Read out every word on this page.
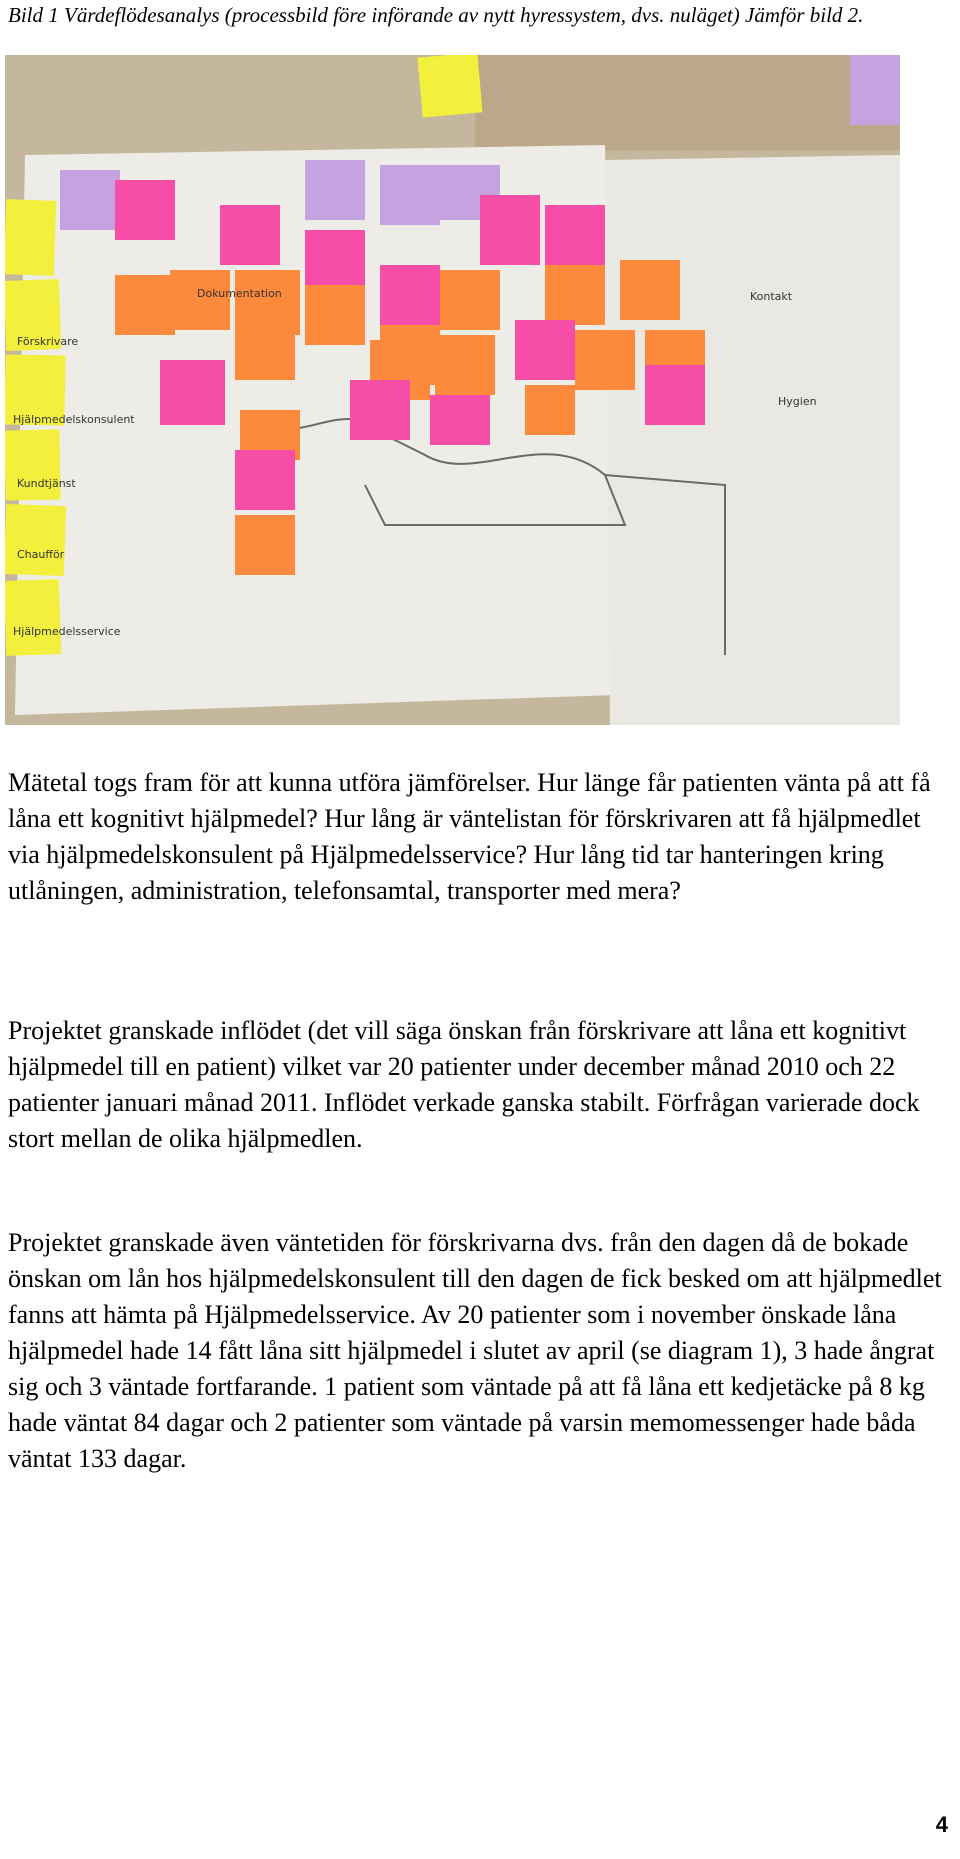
Bild 1 Värdeflödesanalys (processbild före införande av nytt hyressystem, dvs. nuläget) Jämför bild 2.
Förskrivare
Hjälpmedelskonsulent
Kundtjänst
Chaufför
Hjälpmedelsservice
Dokumentation	Kontakt
Hygien

Mätetal togs fram för att kunna utföra jämförelser. Hur länge får patienten vänta på att få låna ett kognitivt hjälpmedel? Hur lång är väntelistan för förskrivaren att få hjälpmedlet via hjälpmedelskonsulent på Hjälpmedelsservice? Hur lång tid tar hanteringen kring utlåningen, administration, telefonsamtal, transporter med mera?

Projektet granskade inflödet (det vill säga önskan från förskrivare att låna ett kognitivt hjälpmedel till en patient) vilket var 20 patienter under december månad 2010 och 22 patienter januari månad 2011. Inflödet verkade ganska stabilt. Förfrågan varierade dock stort mellan de olika hjälpmedlen.

Projektet granskade även väntetiden för förskrivarna dvs. från den dagen då de bokade önskan om lån hos hjälpmedelskonsulent till den dagen de fick besked om att hjälpmedlet fanns att hämta på Hjälpmedelsservice. Av 20 patienter som i november önskade låna hjälpmedel hade 14 fått låna sitt hjälpmedel i slutet av april (se diagram 1), 3 hade ångrat sig och 3 väntade fortfarande. 1 patient som väntade på att få låna ett kedjetäcke på 8 kg hade väntat 84 dagar och 2 patienter som väntade på varsin memomessenger hade båda väntat 133 dagar.

4
